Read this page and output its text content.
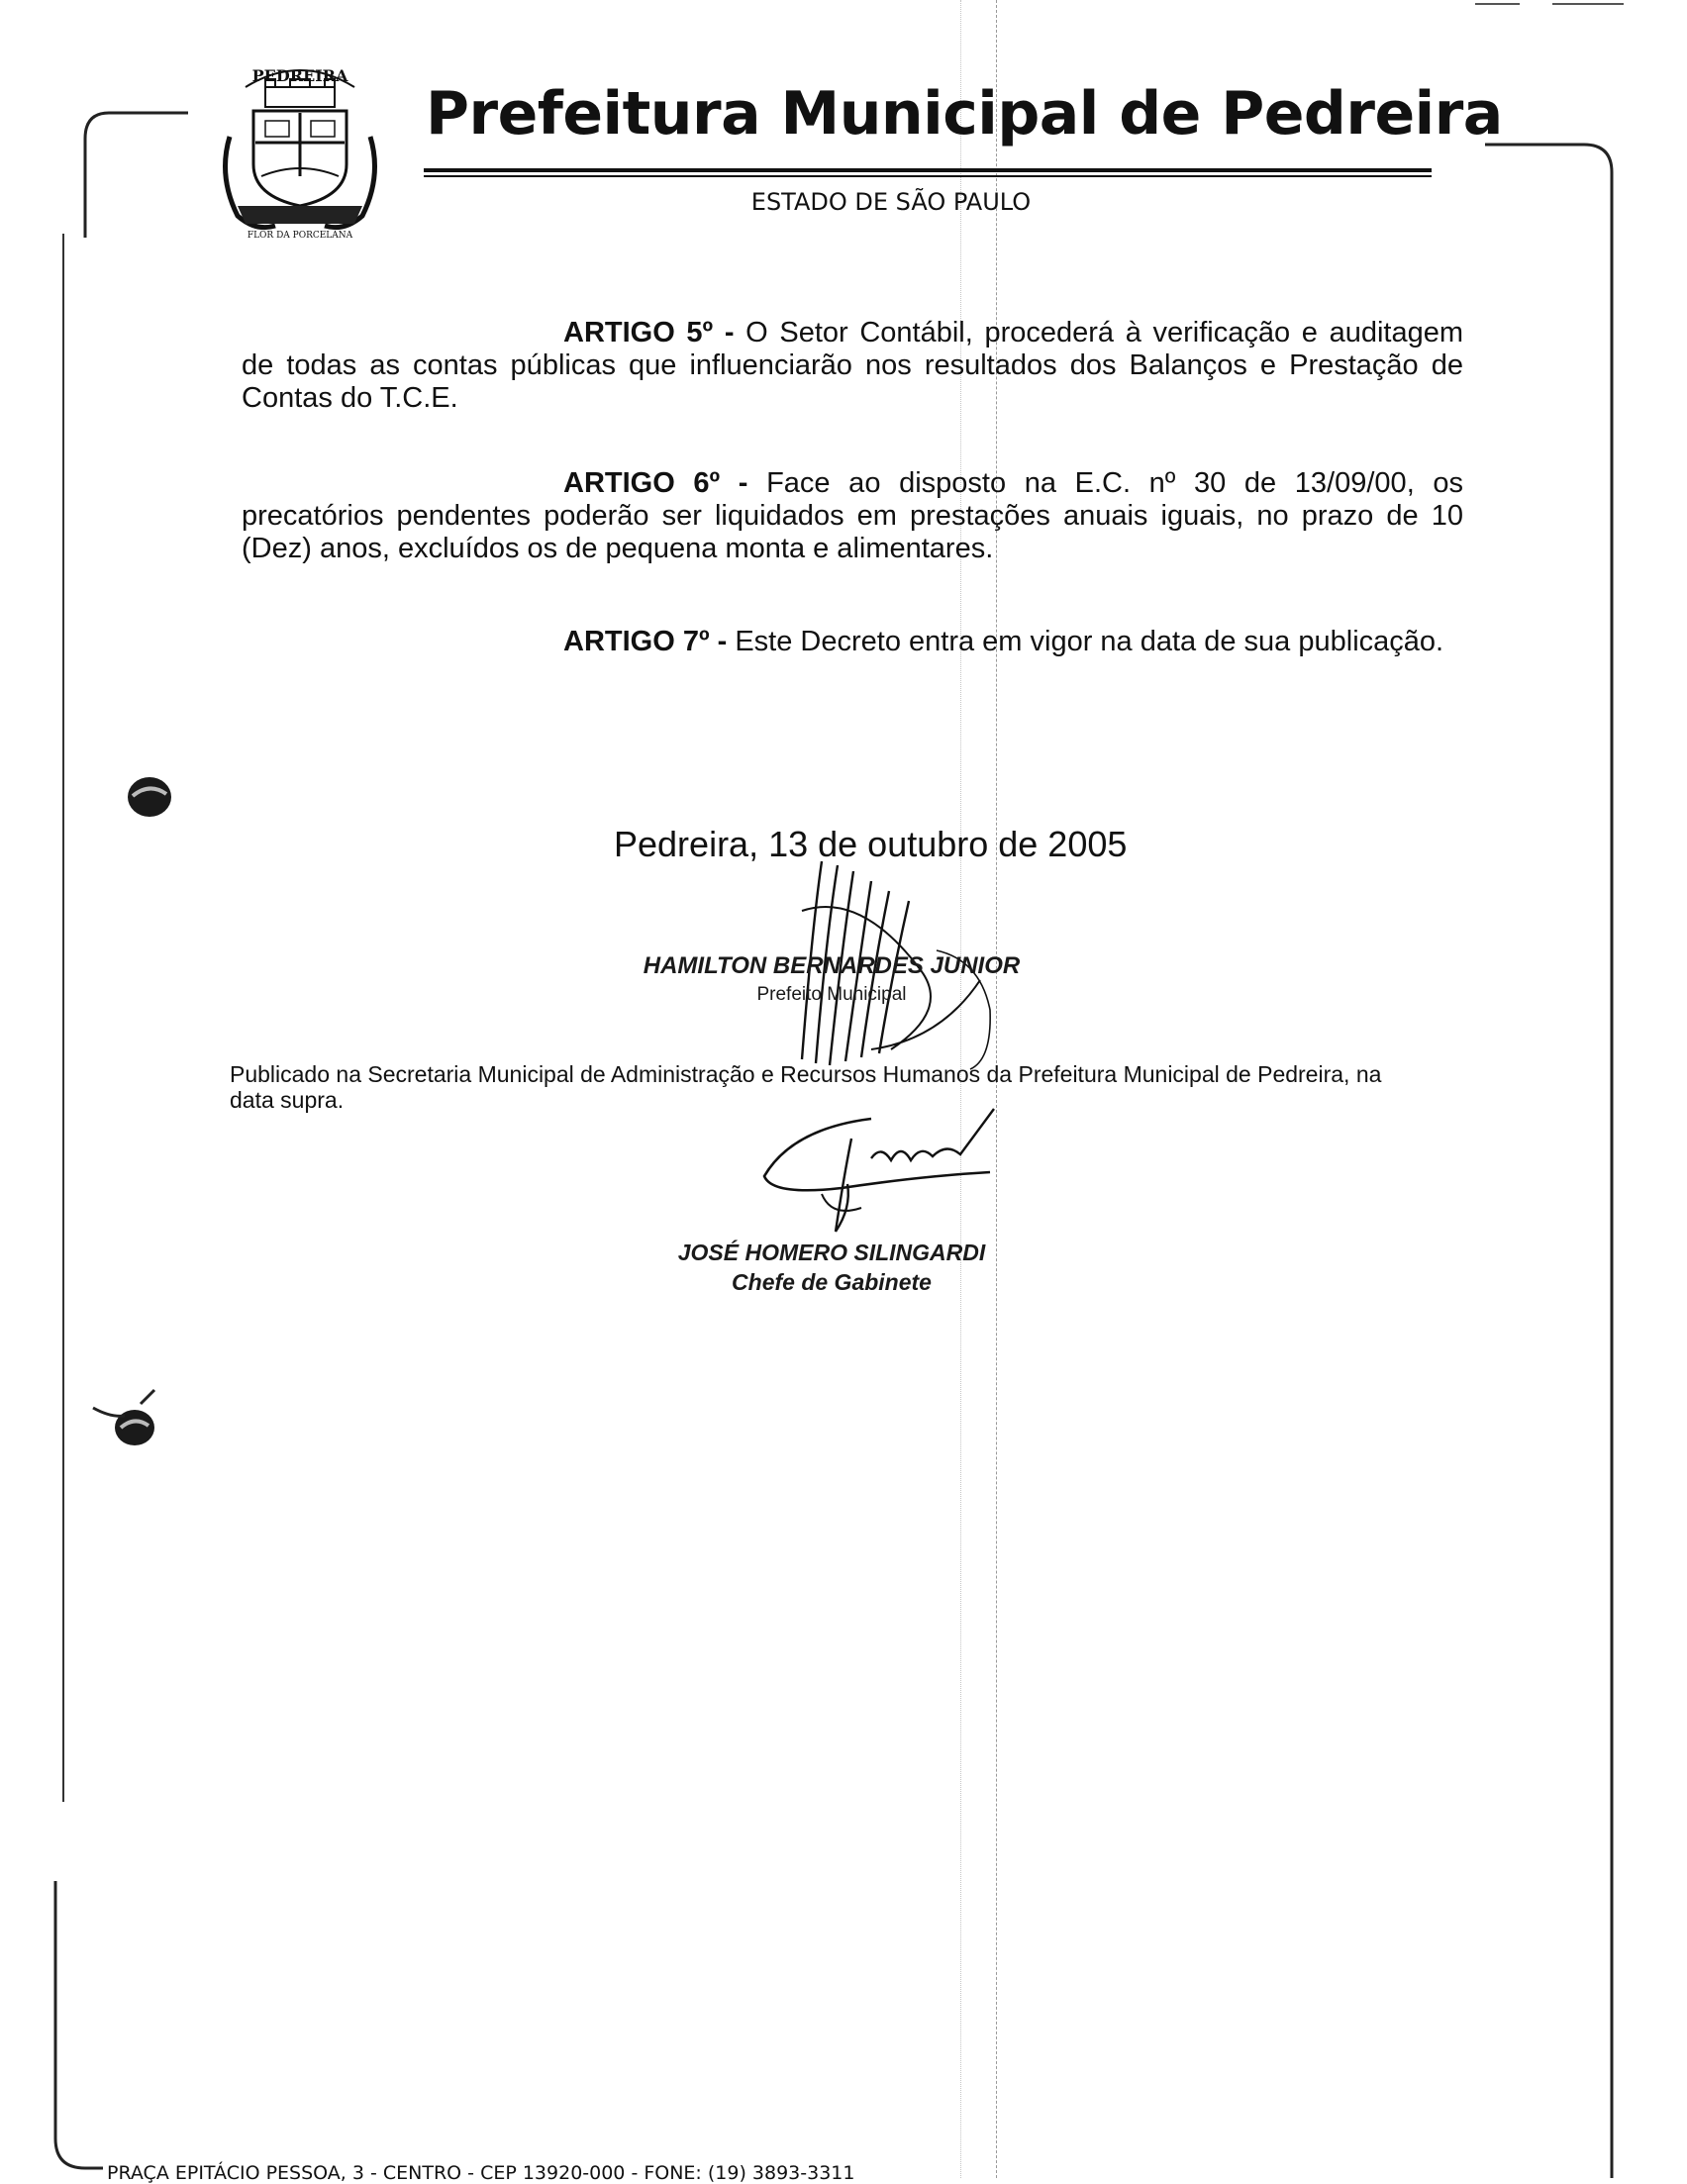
PEDREIRA
FLOR DA PORCELANA
Prefeitura Municipal de Pedreira
ESTADO DE SÃO PAULO
ARTIGO 5º - O Setor Contábil, procederá à verificação e auditagem de todas as contas públicas que influenciarão nos resultados dos Balanços e Prestação de Contas do T.C.E.
ARTIGO 6º - Face ao disposto na E.C. nº 30 de 13/09/00, os precatórios pendentes poderão ser liquidados em prestações anuais iguais, no prazo de 10 (Dez) anos, excluídos os de pequena monta e alimentares.
ARTIGO 7º - Este Decreto entra em vigor na data de sua publicação.
Pedreira, 13 de outubro de 2005
HAMILTON BERNARDES JUNIOR
Prefeito Municipal
Publicado na Secretaria Municipal de Administração e Recursos Humanos da Prefeitura Municipal de Pedreira, na data supra.
JOSÉ HOMERO SILINGARDI
Chefe de Gabinete
PRAÇA EPITÁCIO PESSOA, 3 - CENTRO - CEP 13920-000 - FONE: (19) 3893-3311
